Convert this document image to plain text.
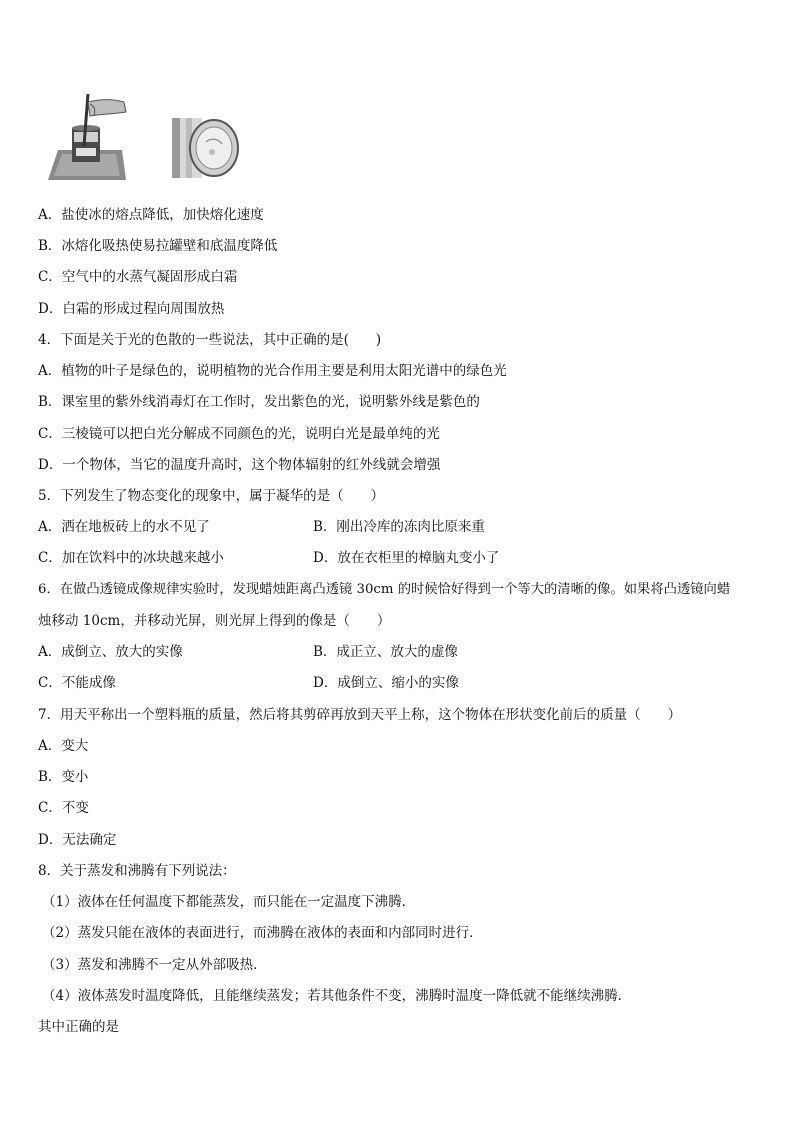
A．盐使冰的熔点降低，加快熔化速度
B．冰熔化吸热使易拉罐壁和底温度降低
C．空气中的水蒸气凝固形成白霜
D．白霜的形成过程向周围放热
4．下面是关于光的色散的一些说法，其中正确的是(　　)
A．植物的叶子是绿色的，说明植物的光合作用主要是利用太阳光谱中的绿色光
B．课室里的紫外线消毒灯在工作时，发出紫色的光，说明紫外线是紫色的
C．三棱镜可以把白光分解成不同颜色的光，说明白光是最单纯的光
D．一个物体，当它的温度升高时，这个物体辐射的红外线就会增强
5．下列发生了物态变化的现象中，属于凝华的是（　　）
A．洒在地板砖上的水不见了	B．刚出冷库的冻肉比原来重
C．加在饮料中的冰块越来越小	D．放在衣柜里的樟脑丸变小了
6．在做凸透镜成像规律实验时，发现蜡烛距离凸透镜 30cm 的时候恰好得到一个等大的清晰的像。如果将凸透镜向蜡
烛移动 10cm，并移动光屏，则光屏上得到的像是（　　）
A．成倒立、放大的实像	B．成正立、放大的虚像
C．不能成像	D．成倒立、缩小的实像
7．用天平称出一个塑料瓶的质量，然后将其剪碎再放到天平上称，这个物体在形状变化前后的质量（　　）
A．变大
B．变小
C．不变
D．无法确定
8．关于蒸发和沸腾有下列说法：
（1）液体在任何温度下都能蒸发，而只能在一定温度下沸腾．
（2）蒸发只能在液体的表面进行，而沸腾在液体的表面和内部同时进行．
（3）蒸发和沸腾不一定从外部吸热．
（4）液体蒸发时温度降低，且能继续蒸发；若其他条件不变，沸腾时温度一降低就不能继续沸腾．
其中正确的是
